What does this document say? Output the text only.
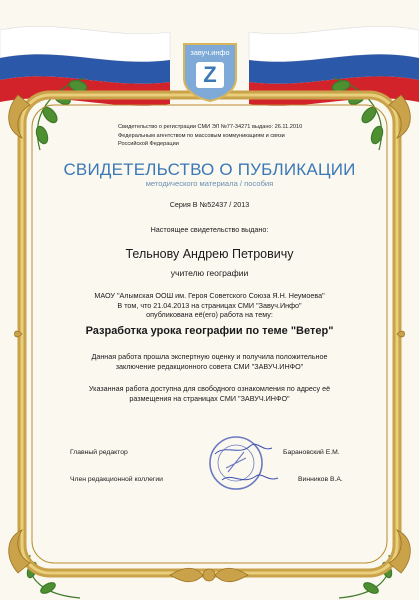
завуч.инфо
Z
Свидетельство о регистрации СМИ ЭЛ №77-34271 выдано: 26.11.2010
Федеральным агентством по массовым коммуникациям и связи
Российской Федерации
СВИДЕТЕЛЬСТВО О ПУБЛИКАЦИИ
методического материала / пособия
Серия В №52437 / 2013
Настоящее свидетельство выдано:
Тельнову Андрею Петровичу
учителю географии
МАОУ "Алымская ООШ им. Героя Советского Союза Я.Н. Неумоева"
В том, что 21.04.2013 на страницах СМИ "Завуч.Инфо"
опубликована её(его) работа на тему:
Разработка урока географии по теме "Ветер"
Данная работа прошла экспертную оценку и получила положительное
заключение редакционного совета СМИ "ЗАВУЧ.ИНФО"
Указанная работа доступна для свободного ознакомления по адресу её
размещения на страницах СМИ "ЗАВУЧ.ИНФО"
Главный редактор	Барановский Е.М.
Член редакционной коллегии	Винников В.А.
